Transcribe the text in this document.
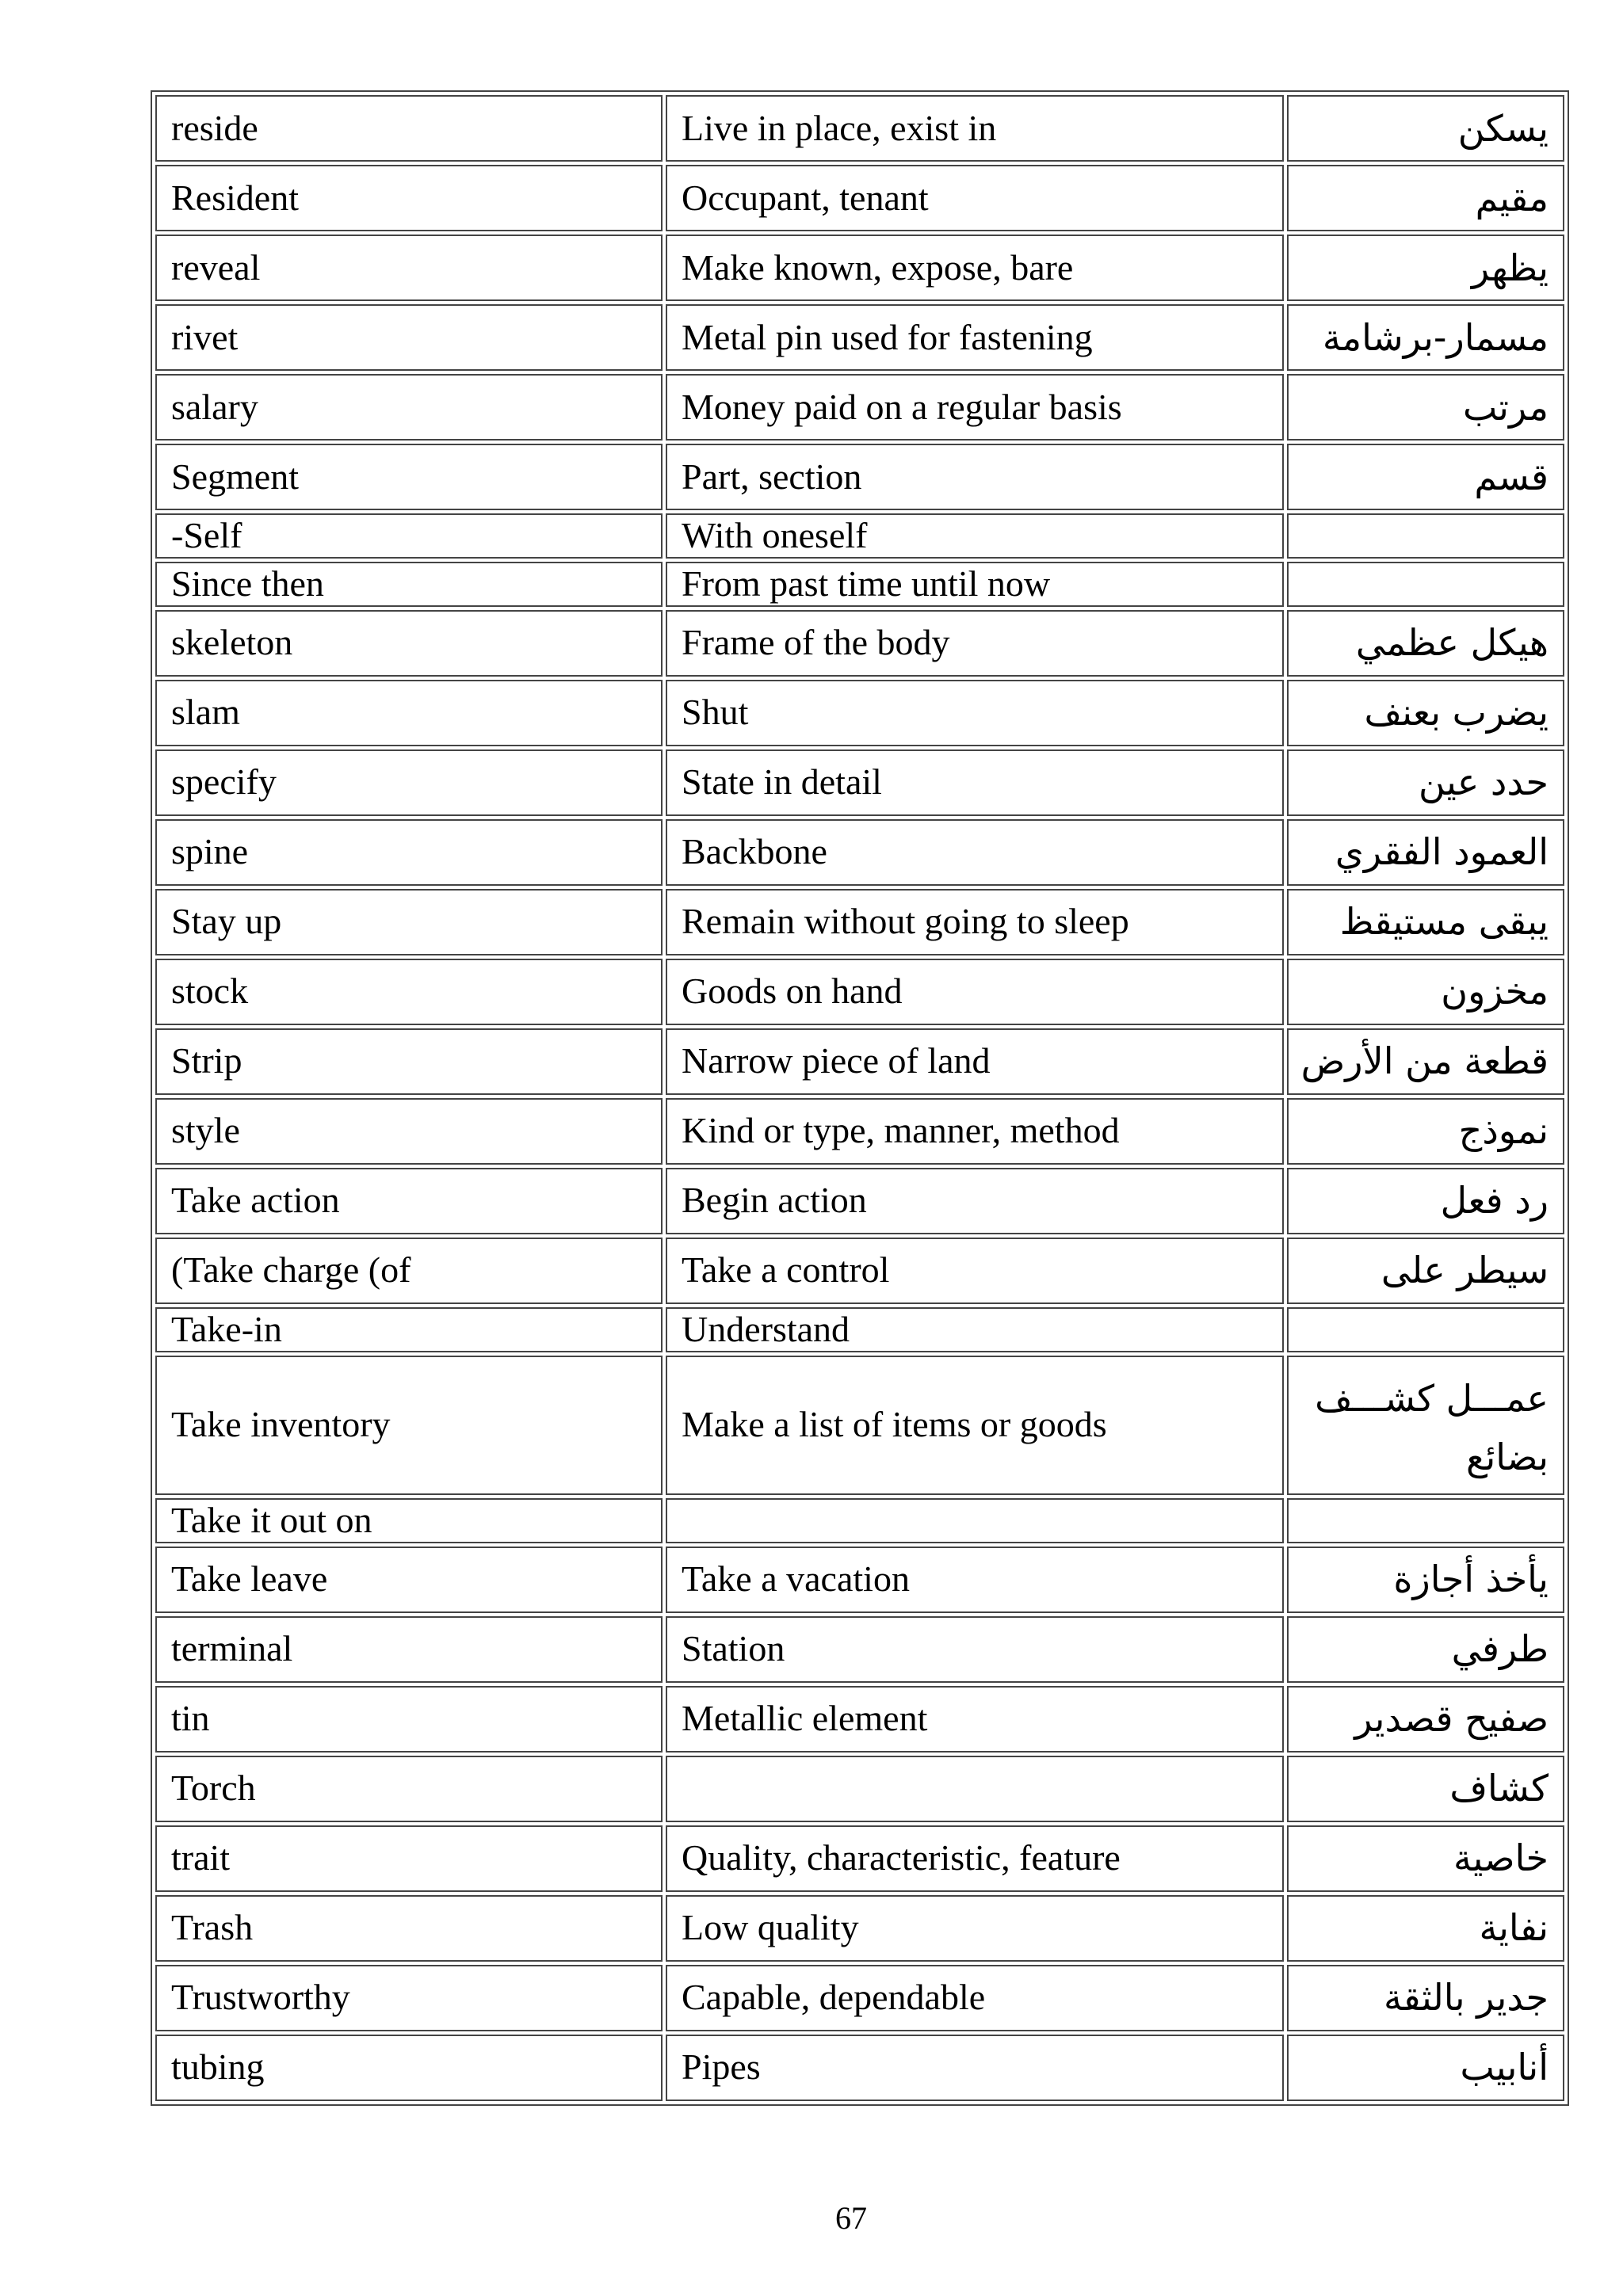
reside	Live in place, exist in	يسكن
Resident	Occupant, tenant	مقيم
reveal	Make known, expose, bare	يظهر
rivet	Metal pin used for fastening	مسمار-برشامة
salary	Money paid on a regular basis	مرتب
Segment	Part, section	قسم
-Self	With oneself	
Since then	From past time until now	
skeleton	Frame of the body	هيكل عظمي
slam	Shut	يضرب بعنف
specify	State in detail	حدد عين
spine	Backbone	العمود الفقري
Stay up	Remain without going to sleep	يبقى مستيقظ
stock	Goods on hand	مخزون
Strip	Narrow piece of land	قطعة من الأرض
style	Kind or type, manner, method	نموذج
Take action	Begin action	رد فعل
(Take charge (of	Take a control	سيطر على
Take-in	Understand	
Take inventory	Make a list of items or goods	عمـــل كشـــف بضائع
Take it out on		
Take leave	Take a vacation	يأخذ أجازة
terminal	Station	طرفي
tin	Metallic element	صفيح قصدير
Torch		كشاف
trait	Quality, characteristic, feature	خاصية
Trash	Low quality	نفاية
Trustworthy	Capable, dependable	جدير بالثقة
tubing	Pipes	أنابيب
67
